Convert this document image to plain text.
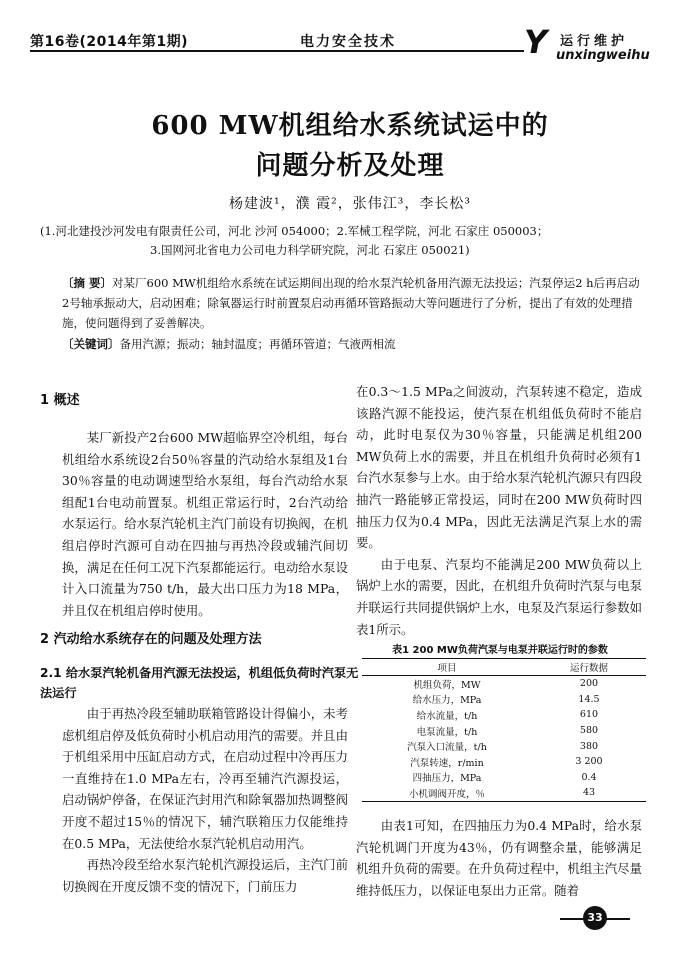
第16卷(2014年第1期)	电力安全技术	Y 运行维护
unxingweihu
600 MW机组给水系统试运中的
问题分析及处理
杨建波¹，濮 霞²，张伟江³，李长松³
(1.河北建投沙河发电有限责任公司，河北 沙河 054000；2.军械工程学院，河北 石家庄 050003；
3.国网河北省电力公司电力科学研究院，河北 石家庄 050021)
〔摘 要〕对某厂600 MW机组给水系统在试运期间出现的给水泵汽轮机备用汽源无法投运；汽泵停运2 h后再启动2号轴承振动大，启动困难；除氧器运行时前置泵启动再循环管路振动大等问题进行了分析，提出了有效的处理措施，使问题得到了妥善解决。
〔关键词〕备用汽源；振动；轴封温度；再循环管道；气液两相流
1 概述

某厂新投产2台600 MW超临界空冷机组，每台机组给水系统设2台50％容量的汽动给水泵组及1台30％容量的电动调速型给水泵组，每台汽动给水泵组配1台电动前置泵。机组正常运行时，2台汽动给水泵运行。给水泵汽轮机主汽门前设有切换阀，在机组启停时汽源可自动在四抽与再热冷段或辅汽间切换，满足在任何工况下汽泵都能运行。电动给水泵设计入口流量为750 t/h，最大出口压力为18 MPa，并且仅在机组启停时使用。

2 汽动给水系统存在的问题及处理方法
2.1 给水泵汽轮机备用汽源无法投运，机组低负荷时汽泵无法运行

由于再热冷段至辅助联箱管路设计得偏小，未考虑机组启停及低负荷时小机启动用汽的需要。并且由于机组采用中压缸启动方式，在启动过程中冷再压力一直维持在1.0 MPa左右，冷再至辅汽汽源投运，启动锅炉停备，在保证汽封用汽和除氧器加热调整阀开度不超过15％的情况下，辅汽联箱压力仅能维持在0.5 MPa，无法使给水泵汽轮机启动用汽。

再热冷段至给水泵汽轮机汽源投运后，主汽门前切换阀在开度反馈不变的情况下，门前压力

在0.3～1.5 MPa之间波动，汽泵转速不稳定，造成该路汽源不能投运，使汽泵在机组低负荷时不能启动，此时电泵仅为30％容量，只能满足机组200 MW负荷上水的需要，并且在机组升负荷时必须有1台汽水泵参与上水。由于给水泵汽轮机汽源只有四段抽汽一路能够正常投运，同时在200 MW负荷时四抽压力仅为0.4 MPa，因此无法满足汽泵上水的需要。

由于电泵、汽泵均不能满足200 MW负荷以上锅炉上水的需要，因此，在机组升负荷时汽泵与电泵并联运行共同提供锅炉上水，电泵及汽泵运行参数如表1所示。

表1 200 MW负荷汽泵与电泵并联运行时的参数
项目	运行数据
机组负荷，MW	200
给水压力，MPa	14.5
给水流量，t/h	610
电泵流量，t/h	580
汽泵入口流量，t/h	380
汽泵转速，r/min	3 200
四抽压力，MPa	0.4
小机调阀开度，％	43

由表1可知，在四抽压力为0.4 MPa时，给水泵汽轮机调门开度为43％，仍有调整余量，能够满足机组升负荷的需要。在升负荷过程中，机组主汽尽量维持低压力，以保证电泵出力正常。随着

33
